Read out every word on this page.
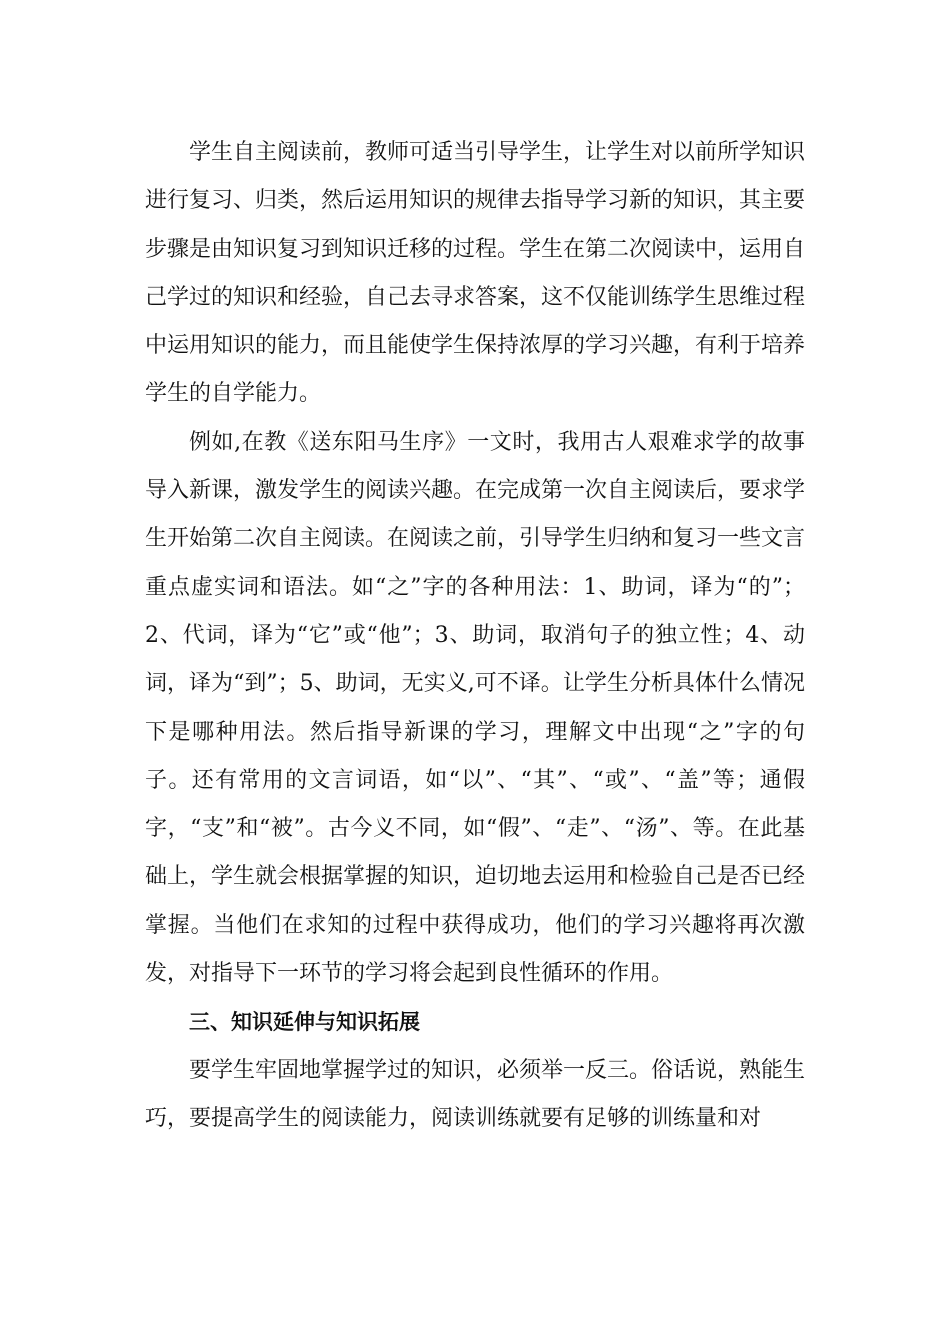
学生自主阅读前，教师可适当引导学生，让学生对以前所学知识进行复习、归类，然后运用知识的规律去指导学习新的知识，其主要步骤是由知识复习到知识迁移的过程。学生在第二次阅读中，运用自己学过的知识和经验，自己去寻求答案，这不仅能训练学生思维过程中运用知识的能力，而且能使学生保持浓厚的学习兴趣，有利于培养学生的自学能力。

例如,在教《送东阳马生序》一文时，我用古人艰难求学的故事导入新课，激发学生的阅读兴趣。在完成第一次自主阅读后，要求学生开始第二次自主阅读。在阅读之前，引导学生归纳和复习一些文言重点虚实词和语法。如“之”字的各种用法：1、助词，译为“的”；2、代词，译为“它”或“他”；3、助词，取消句子的独立性；4、动词，译为“到”；5、助词，无实义,可不译。让学生分析具体什么情况下是哪种用法。然后指导新课的学习，理解文中出现“之”字的句子。还有常用的文言词语，如“以”、“其”、“或”、“盖”等；通假字，“支”和“被”。古今义不同，如“假”、“走”、“汤”、等。在此基础上，学生就会根据掌握的知识，迫切地去运用和检验自己是否已经掌握。当他们在求知的过程中获得成功，他们的学习兴趣将再次激发，对指导下一环节的学习将会起到良性循环的作用。

三、知识延伸与知识拓展

要学生牢固地掌握学过的知识，必须举一反三。俗话说，熟能生巧，要提高学生的阅读能力，阅读训练就要有足够的训练量和对
